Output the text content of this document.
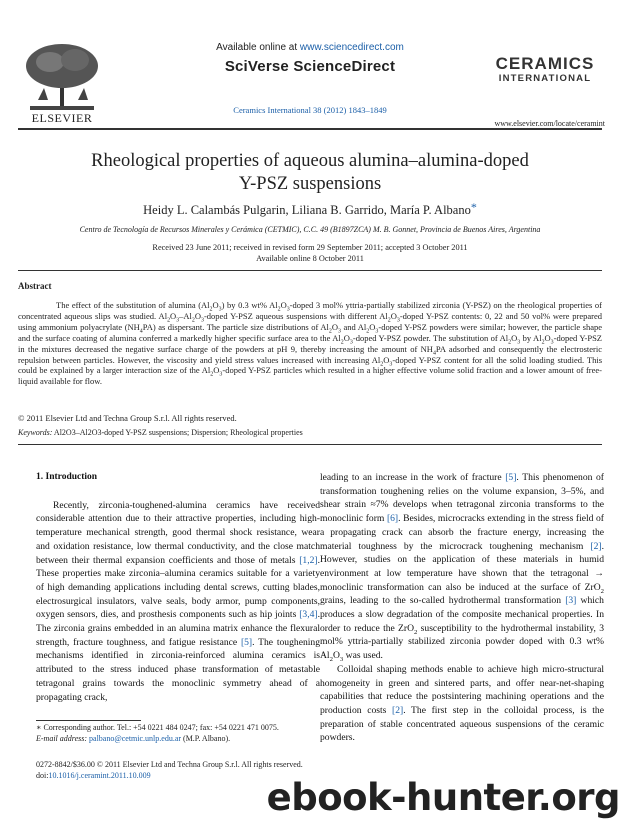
ELSEVIER
Available online at www.sciencedirect.com
SciVerse ScienceDirect
Ceramics International 38 (2012) 1843–1849
CERAMICS
INTERNATIONAL
www.elsevier.com/locate/ceramint
Rheological properties of aqueous alumina–alumina-doped
Y-PSZ suspensions
Heidy L. Calambás Pulgarin, Liliana B. Garrido, María P. Albano*
Centro de Tecnología de Recursos Minerales y Cerámica (CETMIC), C.C. 49 (B1897ZCA) M. B. Gonnet, Provincia de Buenos Aires, Argentina
Received 23 June 2011; received in revised form 29 September 2011; accepted 3 October 2011
Available online 8 October 2011
Abstract
The effect of the substitution of alumina $(Al_2O_3)$ by 0.3 wt% $Al_2O_3$-doped 3 mol% yttria-partially stabilized zirconia (Y-PSZ) on the rheological properties of concentrated aqueous slips was studied. $Al_2O_3-Al_2O_3$-doped Y-PSZ aqueous suspensions with different $Al_2O_3$-doped Y-PSZ contents: 0, 22 and 50 vol% were prepared using ammonium polyacrylate $(NH_4PA)$ as dispersant. The particle size distributions of $Al_2O_3$ and $Al_2O_3$-doped Y-PSZ powders were similar; however, the particle shape and the surface coating of alumina conferred a markedly higher specific surface area to the $Al_2O_3$-doped Y-PSZ powder. The substitution of $Al_2O_3$ by $Al_2O_3$-doped Y-PSZ in the mixtures decreased the negative surface charge of the powders at pH 9, thereby increasing the amount of $NH_4PA$ adsorbed and consequently the electrosteric repulsion between particles. However, the viscosity and yield stress values increased with increasing $Al_2O_3$-doped Y-PSZ content for all the solid loading studied. This could be explained by a larger interaction size of the $Al_2O_3$-doped Y-PSZ particles which resulted in a higher effective volume solid fraction and a lower amount of free-liquid available for flow.
© 2011 Elsevier Ltd and Techna Group S.r.l. All rights reserved.
Keywords: Al2O3–Al2O3-doped Y-PSZ suspensions; Dispersion; Rheological properties
1. Introduction

Recently, zirconia-toughened-alumina ceramics have received considerable attention due to their attractive properties, including high-temperature mechanical strength, good thermal shock resistance, wear and oxidation resistance, low thermal conductivity, and the close match between their thermal expansion coefficients and those of metals [1,2]. These properties make zirconia–alumina ceramics suitable for a variety of high demanding applications including dental screws, cutting blades, electrosurgical insulators, valve seals, body armor, pump components, oxygen sensors, dies, and prosthesis components such as hip joints [3,4]. The zirconia grains embedded in an alumina matrix enhance the flexural strength, fracture toughness, and fatigue resistance [5]. The toughening mechanisms identified in zirconia-reinforced alumina ceramics is attributed to the stress induced phase transformation of metastable tetragonal grains towards the monoclinic symmetry ahead of a propagating crack,

leading to an increase in the work of fracture [5]. This phenomenon of transformation toughening relies on the volume expansion, 3–5%, and shear strain ≈7% develops when tetragonal zirconia transforms to the monoclinic form [6]. Besides, microcracks extending in the stress field of a propagating crack can absorb the fracture energy, increasing the material toughness by the microcrack toughening mechanism [2]. However, studies on the application of these materials in humid environment at low temperature have shown that the tetragonal → monoclinic transformation can also be induced at the surface of ZrO$_2$ grains, leading to the so-called hydrothermal transformation [3] which produces a slow degradation of the composite mechanical properties. In order to reduce the ZrO$_2$ susceptibility to the hydrothermal instability, 3 mol% yttria-partially stabilized zirconia powder doped with 0.3 wt% $Al_2O_3$ was used.

Colloidal shaping methods enable to achieve high micro-structural homogeneity in green and sintered parts, and offer near-net-shaping capabilities that reduce the postsintering machining operations and the production costs [2]. The first step in the colloidal process, is the preparation of stable concentrated aqueous suspensions of the ceramic powders.

∗ Corresponding author. Tel.: +54 0221 484 0247; fax: +54 0221 471 0075.
E-mail address: palbano@cetmic.unlp.edu.ar (M.P. Albano).
0272-8842/$36.00 © 2011 Elsevier Ltd and Techna Group S.r.l. All rights reserved.
doi:10.1016/j.ceramint.2011.10.009
ebook-hunter.org
